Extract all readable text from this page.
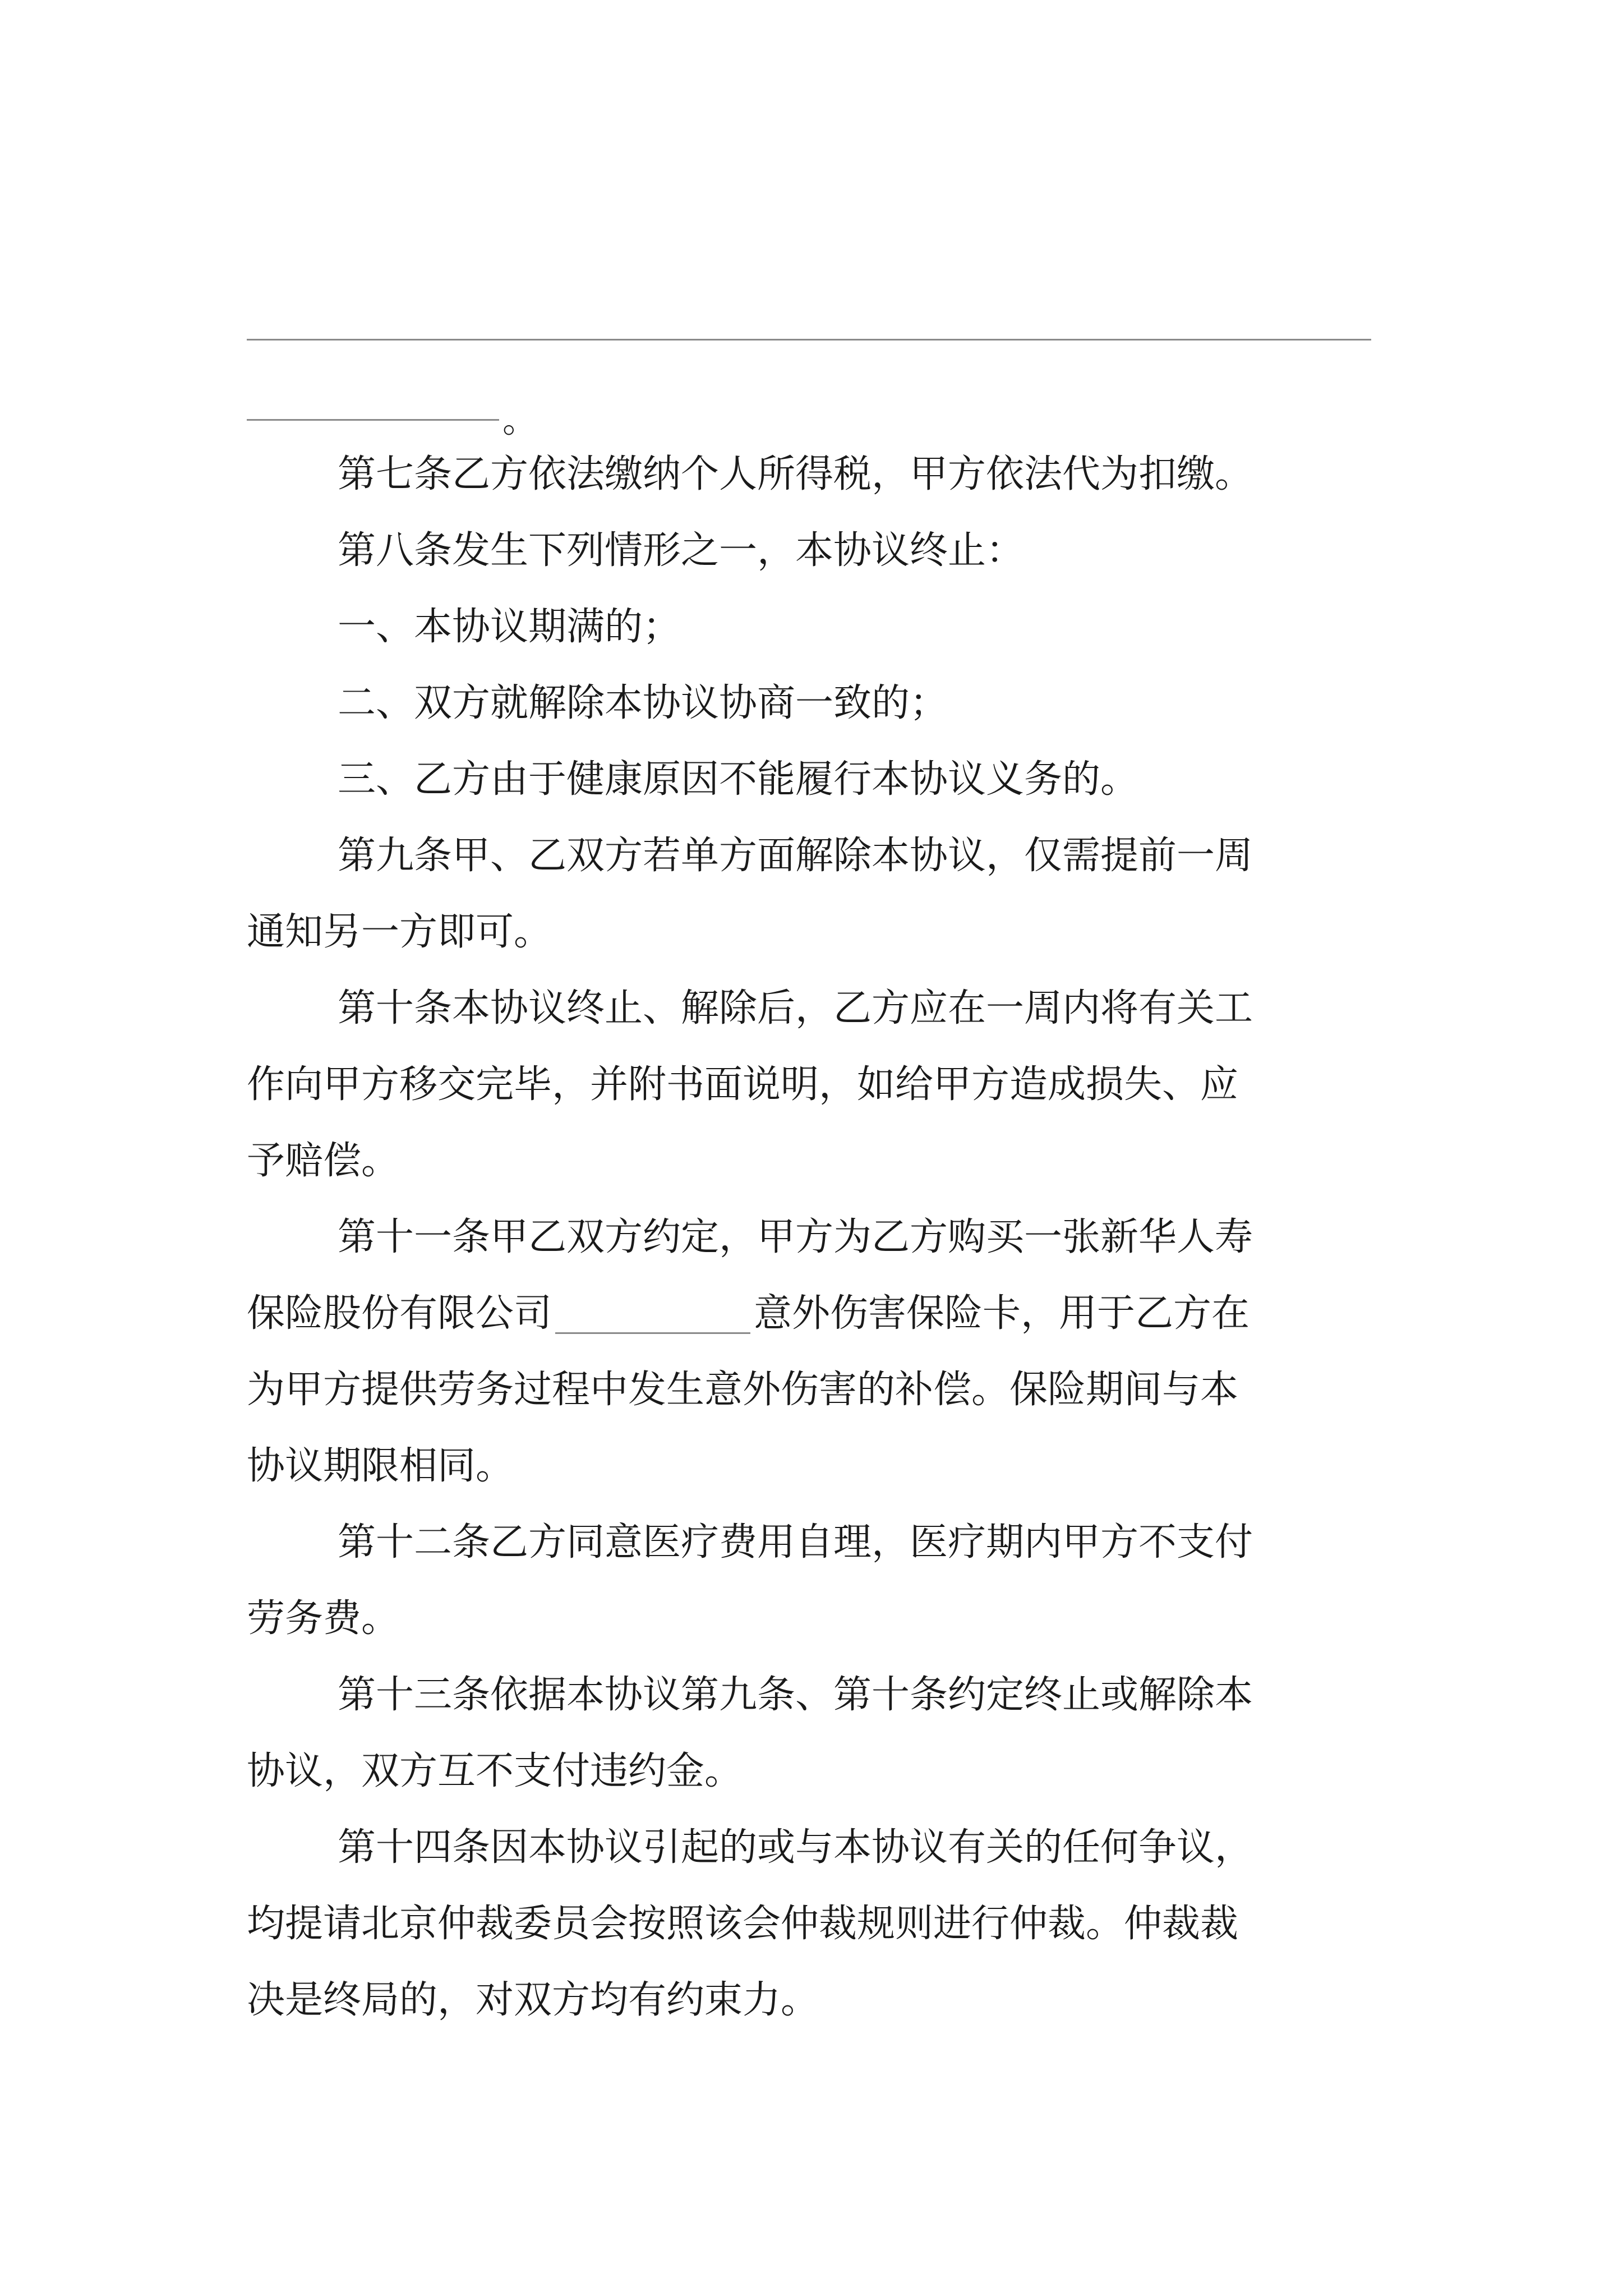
。
第七条乙方依法缴纳个人所得税，甲方依法代为扣缴。
第八条发生下列情形之一，本协议终止：
一、本协议期满的；
二、双方就解除本协议协商一致的；
三、乙方由于健康原因不能履行本协议义务的。
第九条甲、乙双方若单方面解除本协议，仅需提前一周
通知另一方即可。
第十条本协议终止、解除后，乙方应在一周内将有关工
作向甲方移交完毕，并附书面说明，如给甲方造成损失、应
予赔偿。
第十一条甲乙双方约定，甲方为乙方购买一张新华人寿
保险股份有限公司	意外伤害保险卡，用于乙方在
为甲方提供劳务过程中发生意外伤害的补偿。保险期间与本
协议期限相同。
第十二条乙方同意医疗费用自理，医疗期内甲方不支付
劳务费。
第十三条依据本协议第九条、第十条约定终止或解除本
协议，双方互不支付违约金。
第十四条因本协议引起的或与本协议有关的任何争议，
均提请北京仲裁委员会按照该会仲裁规则进行仲裁。仲裁裁
决是终局的，对双方均有约束力。
